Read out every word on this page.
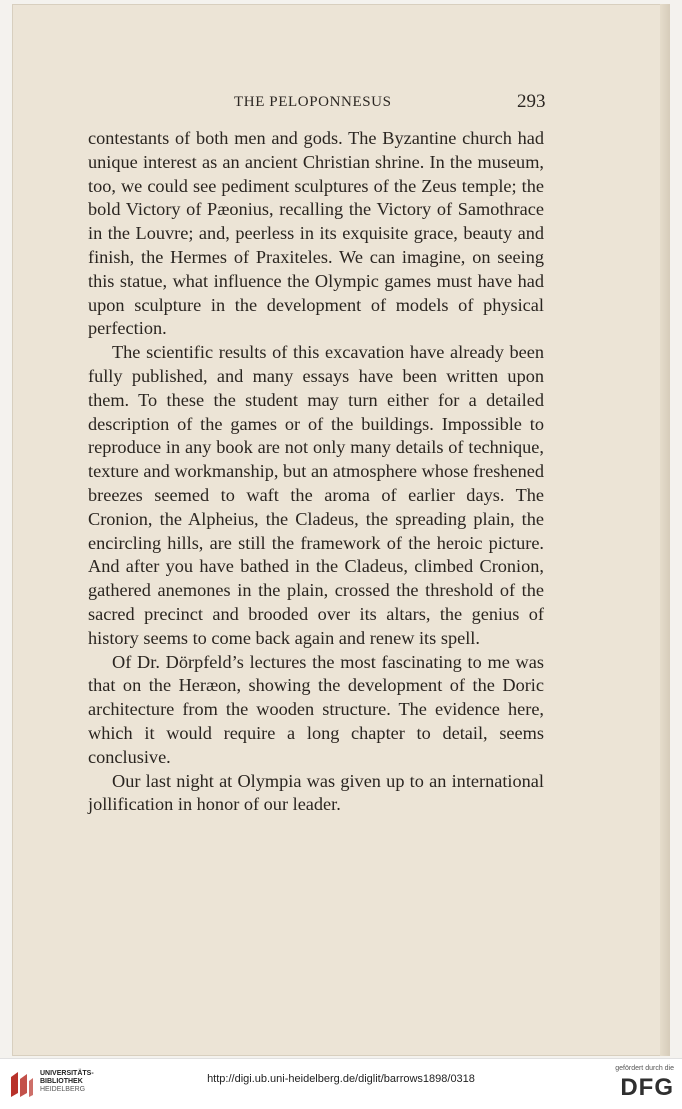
THE PELOPONNESUS	293

contestants of both men and gods. The Byzantine church had unique interest as an ancient Christian shrine. In the museum, too, we could see pediment sculptures of the Zeus temple; the bold Victory of Pæonius, recalling the Victory of Samothrace in the Louvre; and, peerless in its exquisite grace, beauty and finish, the Hermes of Praxiteles. We can imagine, on seeing this statue, what influence the Olympic games must have had upon sculpture in the development of models of physical perfection.

The scientific results of this excavation have already been fully published, and many essays have been written upon them. To these the student may turn either for a detailed description of the games or of the buildings. Impossible to reproduce in any book are not only many details of technique, texture and workmanship, but an atmosphere whose freshened breezes seemed to waft the aroma of earlier days. The Cronion, the Alpheius, the Cladeus, the spreading plain, the encircling hills, are still the framework of the heroic picture. And after you have bathed in the Cladeus, climbed Cronion, gathered anemones in the plain, crossed the threshold of the sacred precinct and brooded over its altars, the genius of history seems to come back again and renew its spell.

Of Dr. Dörpfeld’s lectures the most fascinating to me was that on the Heræon, showing the development of the Doric architecture from the wooden structure. The evidence here, which it would require a long chapter to detail, seems conclusive.

Our last night at Olympia was given up to an international jollification in honor of our leader.

UNIVERSITÄTS-
BIBLIOTHEK
HEIDELBERG
http://digi.ub.uni-heidelberg.de/diglit/barrows1898/0318
gefördert durch die
DFG
